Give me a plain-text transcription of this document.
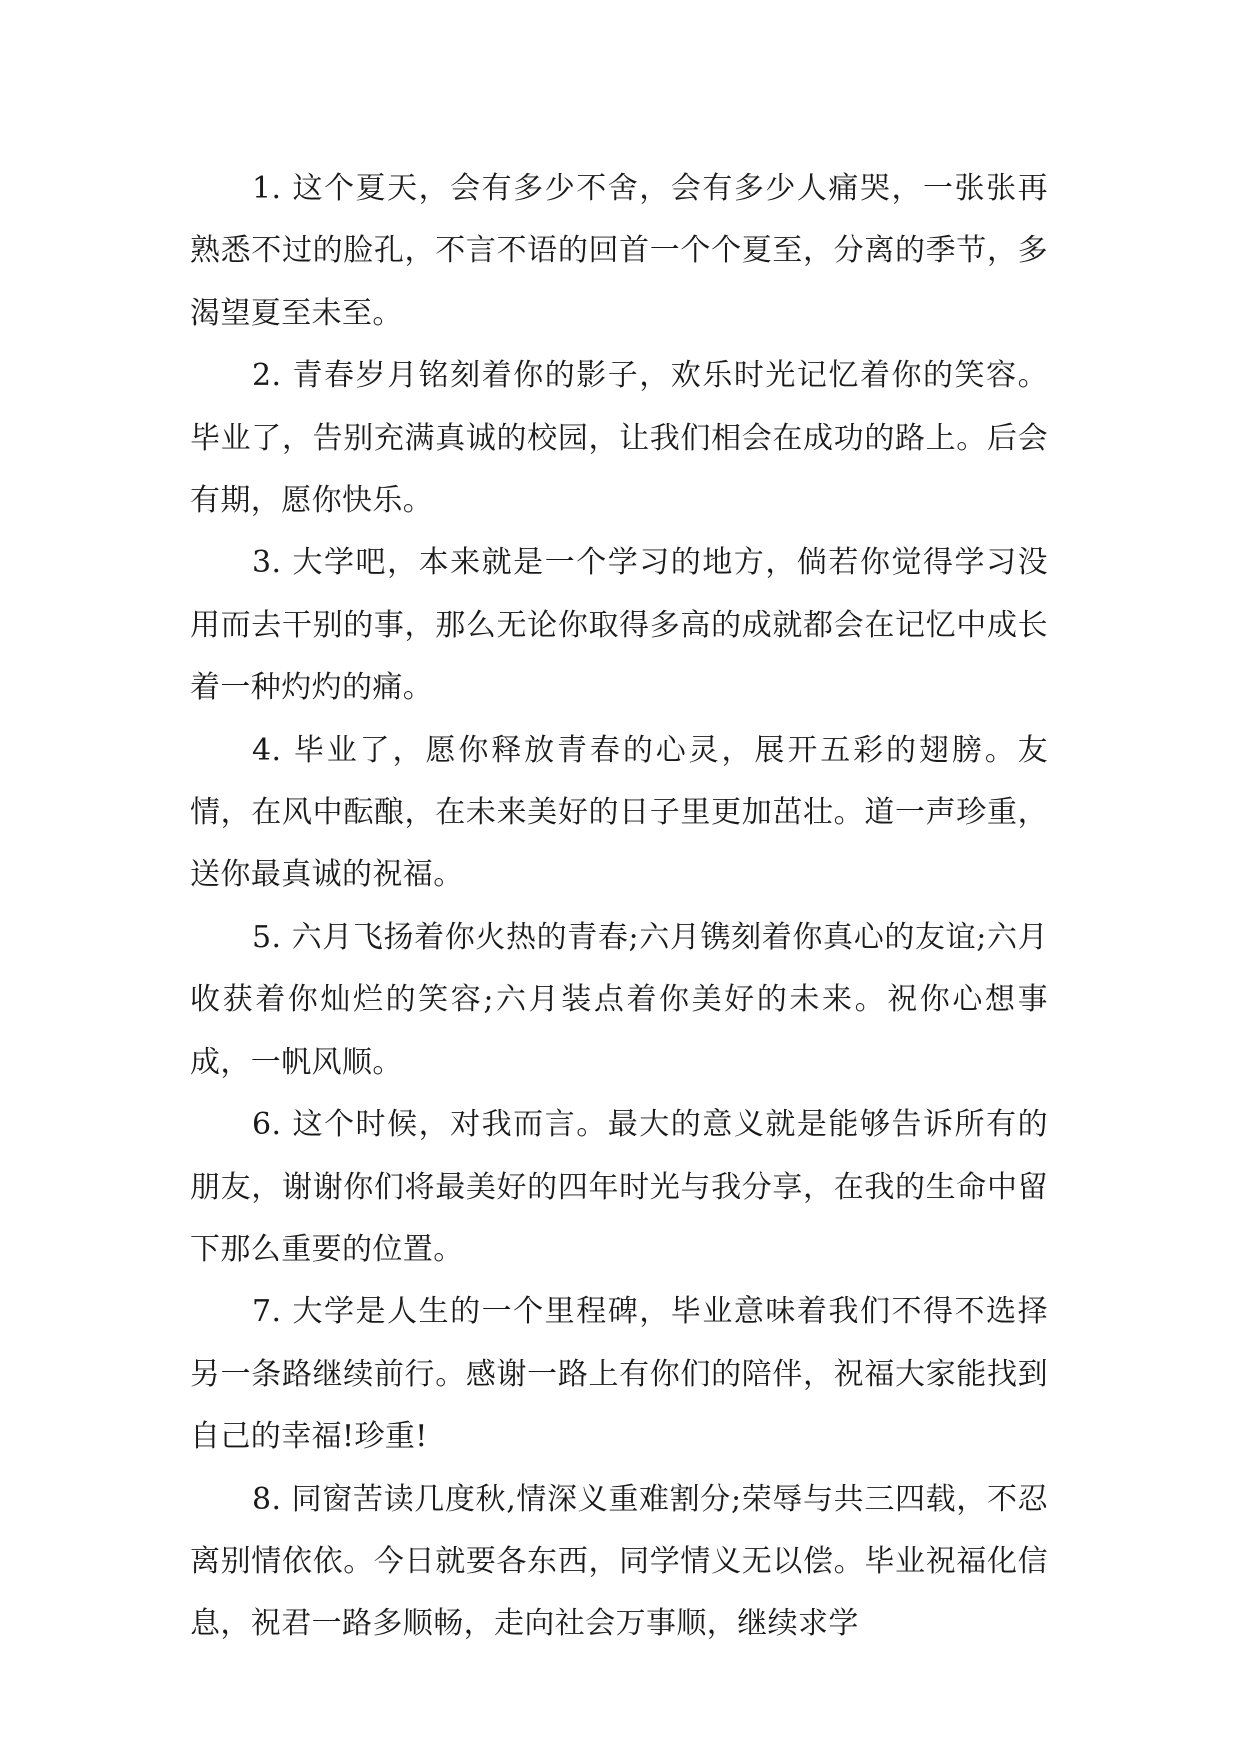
1. 这个夏天，会有多少不舍，会有多少人痛哭，一张张再熟悉不过的脸孔，不言不语的回首一个个夏至，分离的季节，多渴望夏至未至。

2. 青春岁月铭刻着你的影子，欢乐时光记忆着你的笑容。毕业了，告别充满真诚的校园，让我们相会在成功的路上。后会有期，愿你快乐。

3. 大学吧，本来就是一个学习的地方，倘若你觉得学习没用而去干别的事，那么无论你取得多高的成就都会在记忆中成长着一种灼灼的痛。

4. 毕业了，愿你释放青春的心灵，展开五彩的翅膀。友情，在风中酝酿，在未来美好的日子里更加茁壮。道一声珍重，送你最真诚的祝福。

5. 六月飞扬着你火热的青春;六月镌刻着你真心的友谊;六月收获着你灿烂的笑容;六月装点着你美好的未来。祝你心想事成，一帆风顺。

6. 这个时候，对我而言。最大的意义就是能够告诉所有的朋友，谢谢你们将最美好的四年时光与我分享，在我的生命中留下那么重要的位置。

7. 大学是人生的一个里程碑，毕业意味着我们不得不选择另一条路继续前行。感谢一路上有你们的陪伴，祝福大家能找到自己的幸福!珍重!

8. 同窗苦读几度秋,情深义重难割分;荣辱与共三四载，不忍离别情依依。今日就要各东西，同学情义无以偿。毕业祝福化信息，祝君一路多顺畅，走向社会万事顺，继续求学
